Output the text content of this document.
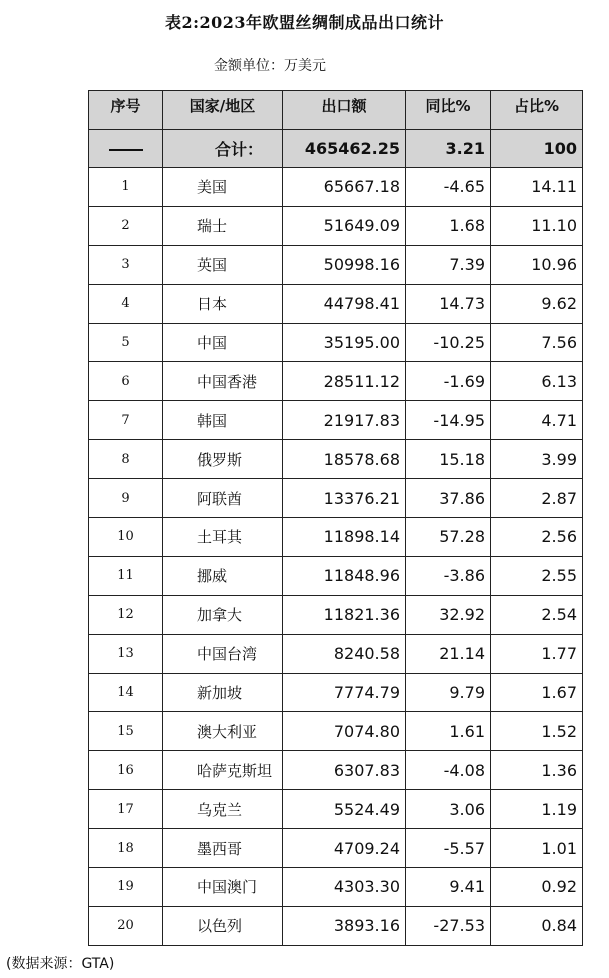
表2:2023年欧盟丝绸制成品出口统计
金额单位：万美元
序号	国家/地区	出口额	同比%	占比%
	合计：	465462.25	3.21	100
1	美国	65667.18	-4.65	14.11
2	瑞士	51649.09	1.68	11.10
3	英国	50998.16	7.39	10.96
4	日本	44798.41	14.73	9.62
5	中国	35195.00	-10.25	7.56
6	中国香港	28511.12	-1.69	6.13
7	韩国	21917.83	-14.95	4.71
8	俄罗斯	18578.68	15.18	3.99
9	阿联酋	13376.21	37.86	2.87
10	土耳其	11898.14	57.28	2.56
11	挪威	11848.96	-3.86	2.55
12	加拿大	11821.36	32.92	2.54
13	中国台湾	8240.58	21.14	1.77
14	新加坡	7774.79	9.79	1.67
15	澳大利亚	7074.80	1.61	1.52
16	哈萨克斯坦	6307.83	-4.08	1.36
17	乌克兰	5524.49	3.06	1.19
18	墨西哥	4709.24	-5.57	1.01
19	中国澳门	4303.30	9.41	0.92
20	以色列	3893.16	-27.53	0.84
(数据来源：GTA)
